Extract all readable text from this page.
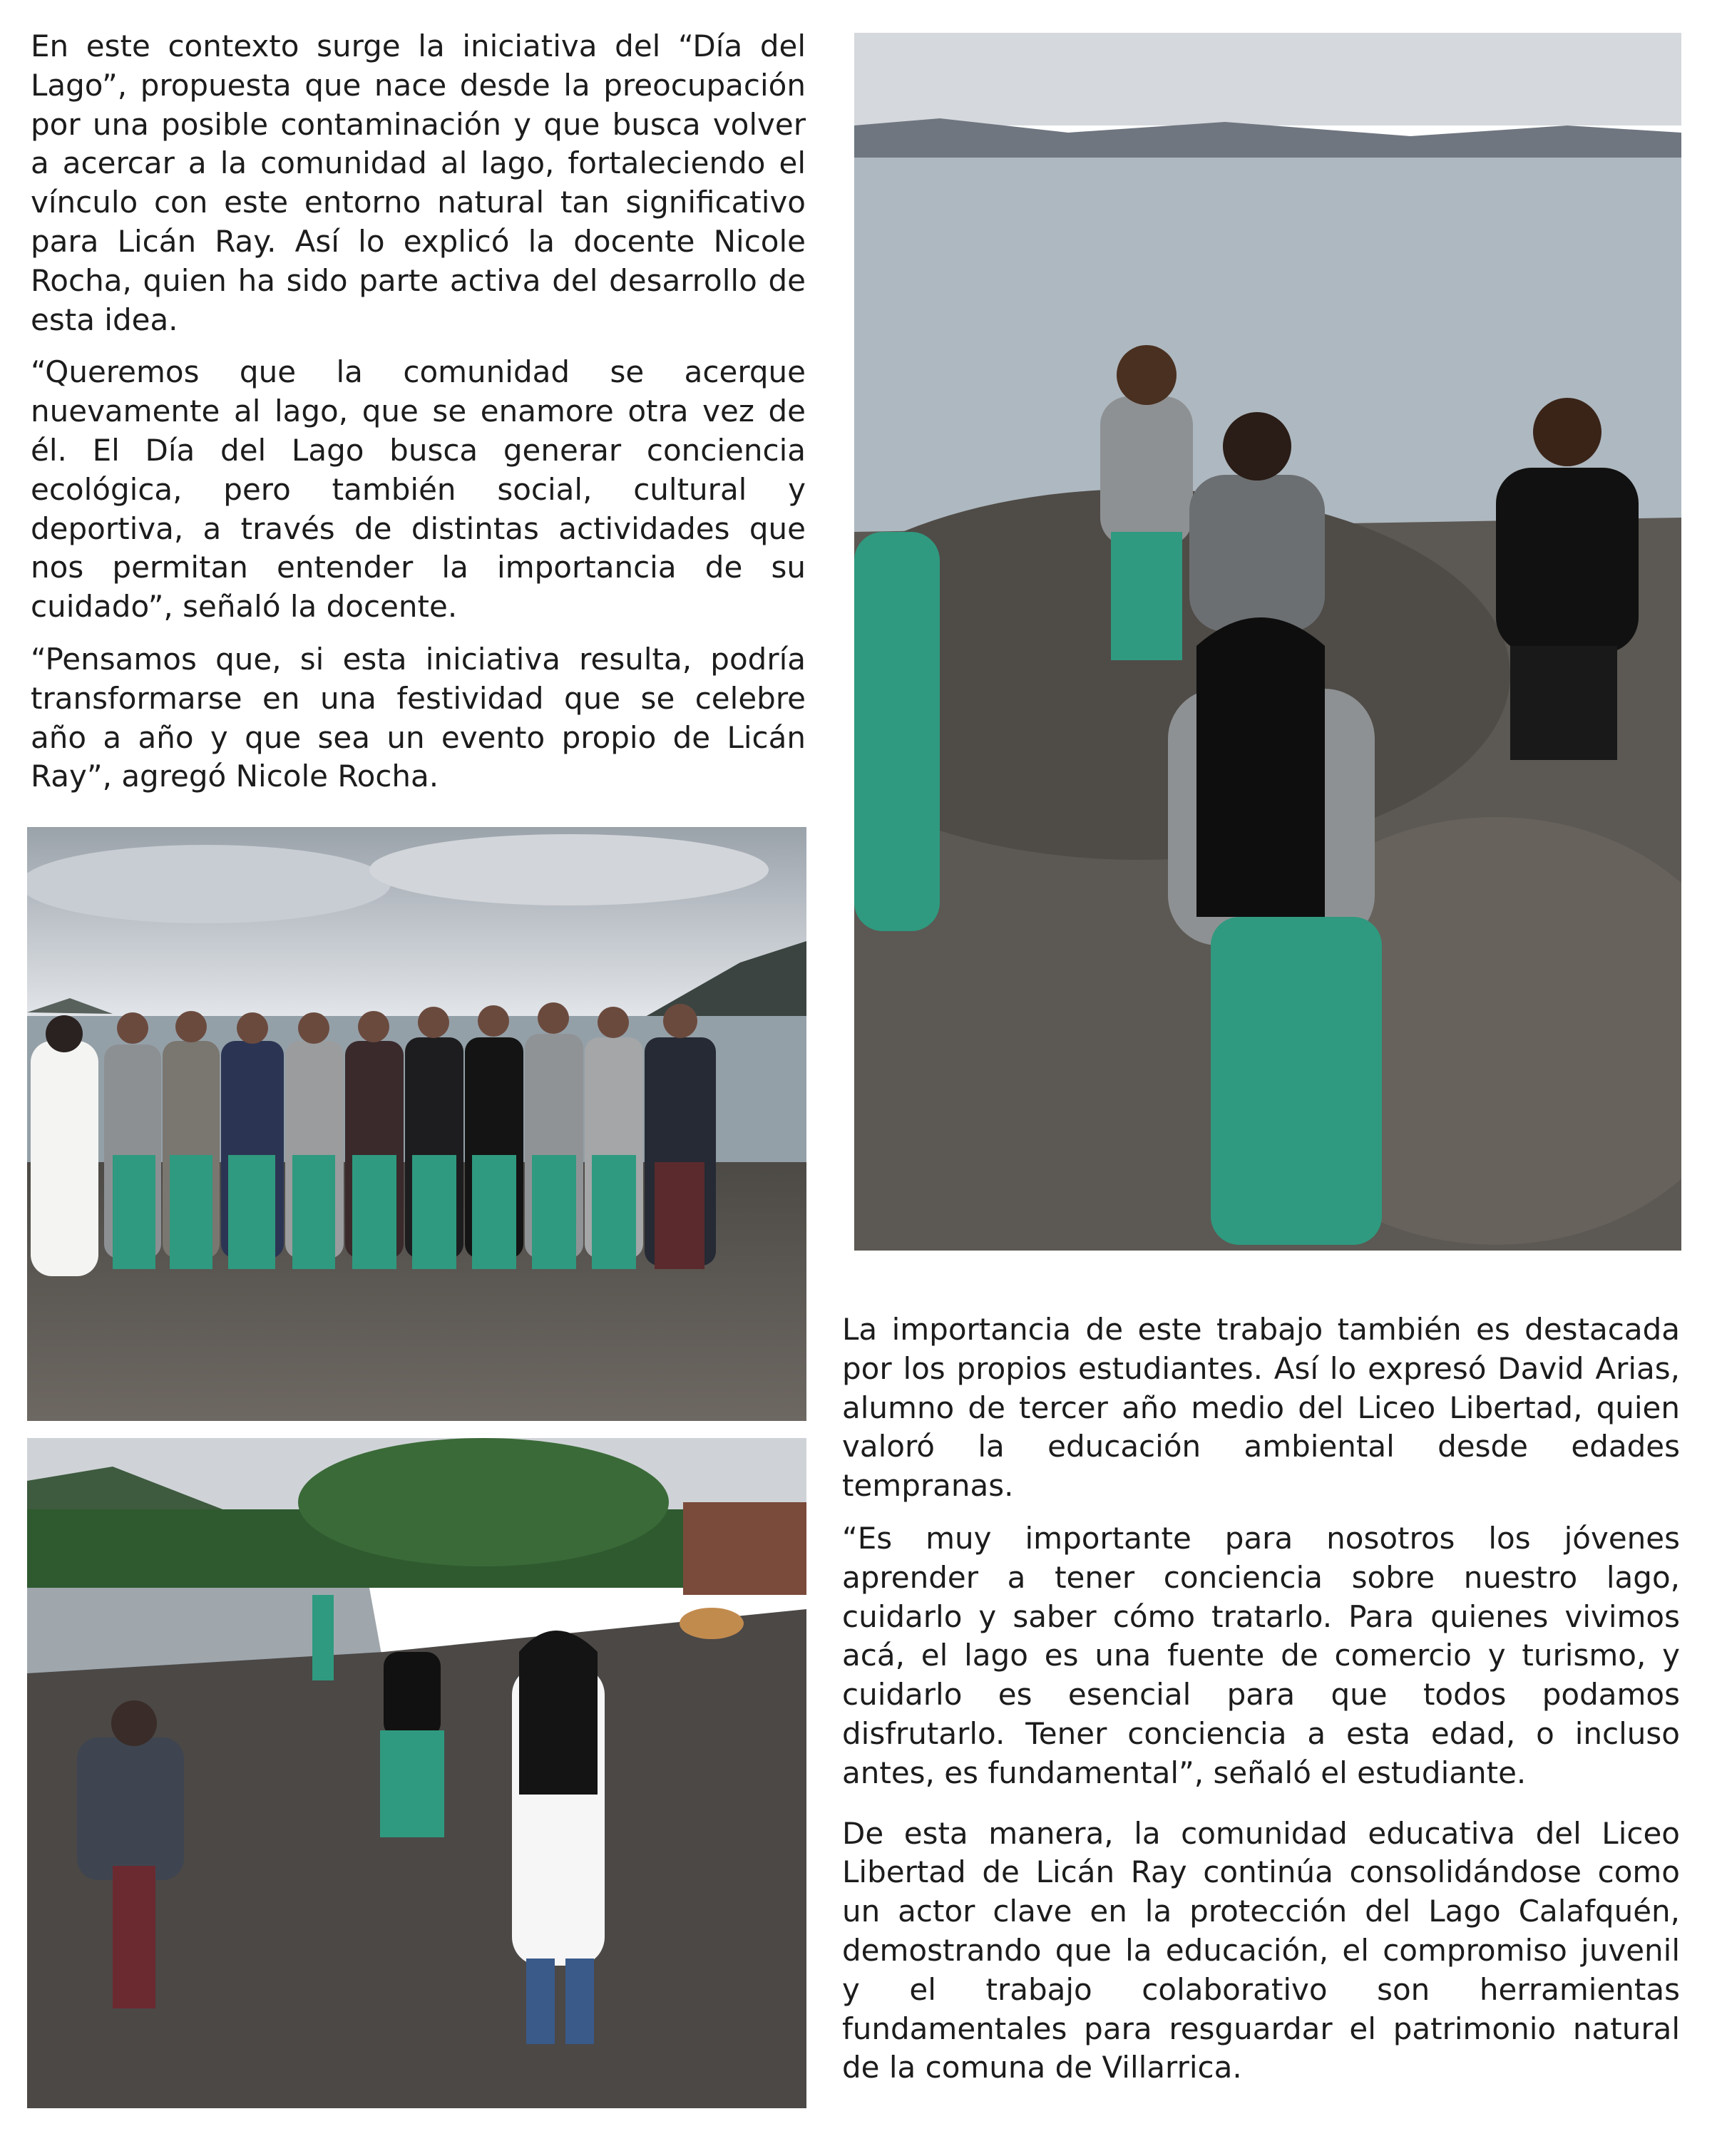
En este contexto surge la iniciativa del “Día del Lago”, propuesta que nace desde la preocupación por una posible contaminación y que busca volver a acercar a la comunidad al lago, fortaleciendo el vínculo con este entorno natural tan significativo para Licán Ray. Así lo explicó la docente Nicole Rocha, quien ha sido parte activa del desarrollo de esta idea.

“Queremos que la comunidad se acerque nuevamente al lago, que se enamore otra vez de él. El Día del Lago busca generar conciencia ecológica, pero también social, cultural y deportiva, a través de distintas actividades que nos permitan entender la importancia de su cuidado”, señaló la docente.

“Pensamos que, si esta iniciativa resulta, podría transformarse en una festividad que se celebre año a año y que sea un evento propio de Licán Ray”, agregó Nicole Rocha.

La importancia de este trabajo también es destacada por los propios estudiantes. Así lo expresó David Arias, alumno de tercer año medio del Liceo Libertad, quien valoró la educación ambiental desde edades tempranas.

“Es muy importante para nosotros los jóvenes aprender a tener conciencia sobre nuestro lago, cuidarlo y saber cómo tratarlo. Para quienes vivimos acá, el lago es una fuente de comercio y turismo, y cuidarlo es esencial para que todos podamos disfrutarlo. Tener conciencia a esta edad, o incluso antes, es fundamental”, señaló el estudiante.

De esta manera, la comunidad educativa del Liceo Libertad de Licán Ray continúa consolidándose como un actor clave en la protección del Lago Calafquén, demostrando que la educación, el compromiso juvenil y el trabajo colaborativo son herramientas fundamentales para resguardar el patrimonio natural de la comuna de Villarrica.
